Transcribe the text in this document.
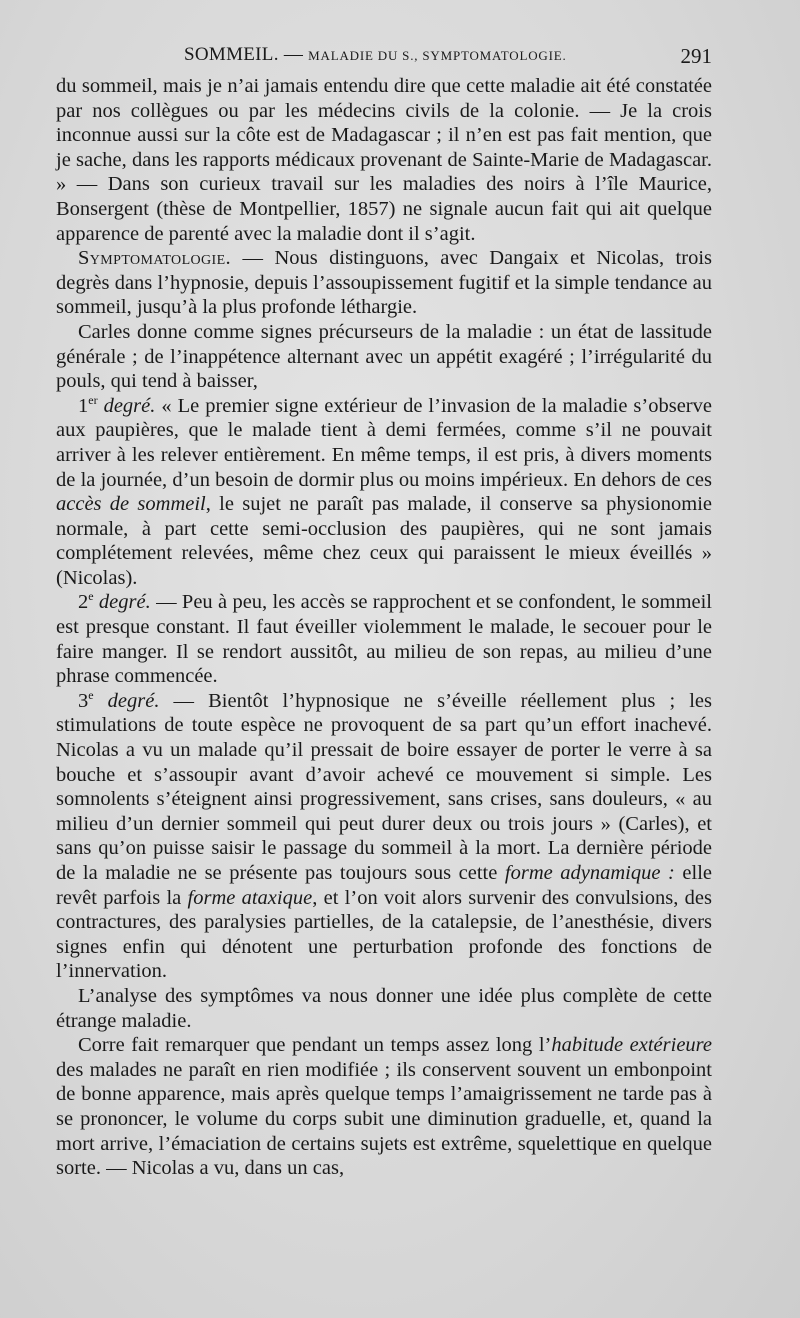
SOMMEIL. — MALADIE DU S., SYMPTOMATOLOGIE.	291

du sommeil, mais je n’ai jamais entendu dire que cette maladie ait été constatée par nos collègues ou par les médecins civils de la colonie. — Je la crois inconnue aussi sur la côte est de Madagascar ; il n’en est pas fait mention, que je sache, dans les rapports médicaux provenant de Sainte-Marie de Madagascar. » — Dans son curieux travail sur les maladies des noirs à l’île Maurice, Bonsergent (thèse de Montpellier, 1857) ne signale aucun fait qui ait quelque apparence de parenté avec la maladie dont il s’agit.

Symptomatologie. — Nous distinguons, avec Dangaix et Nicolas, trois degrès dans l’hypnosie, depuis l’assoupissement fugitif et la simple tendance au sommeil, jusqu’à la plus profonde léthargie.

Carles donne comme signes précurseurs de la maladie : un état de lassitude générale ; de l’inappétence alternant avec un appétit exagéré ; l’irrégularité du pouls, qui tend à baisser,

1er degré. « Le premier signe extérieur de l’invasion de la maladie s’observe aux paupières, que le malade tient à demi fermées, comme s’il ne pouvait arriver à les relever entièrement. En même temps, il est pris, à divers moments de la journée, d’un besoin de dormir plus ou moins impérieux. En dehors de ces accès de sommeil, le sujet ne paraît pas malade, il conserve sa physionomie normale, à part cette semi-occlusion des paupières, qui ne sont jamais complétement relevées, même chez ceux qui paraissent le mieux éveillés » (Nicolas).

2e degré. — Peu à peu, les accès se rapprochent et se confondent, le sommeil est presque constant. Il faut éveiller violemment le malade, le secouer pour le faire manger. Il se rendort aussitôt, au milieu de son repas, au milieu d’une phrase commencée.

3e degré. — Bientôt l’hypnosique ne s’éveille réellement plus ; les stimulations de toute espèce ne provoquent de sa part qu’un effort inachevé. Nicolas a vu un malade qu’il pressait de boire essayer de porter le verre à sa bouche et s’assoupir avant d’avoir achevé ce mouvement si simple. Les somnolents s’éteignent ainsi progressivement, sans crises, sans douleurs, « au milieu d’un dernier sommeil qui peut durer deux ou trois jours » (Carles), et sans qu’on puisse saisir le passage du sommeil à la mort. La dernière période de la maladie ne se présente pas toujours sous cette forme adynamique : elle revêt parfois la forme ataxique, et l’on voit alors survenir des convulsions, des contractures, des paralysies partielles, de la catalepsie, de l’anesthésie, divers signes enfin qui dénotent une perturbation profonde des fonctions de l’innervation.

L’analyse des symptômes va nous donner une idée plus complète de cette étrange maladie.

Corre fait remarquer que pendant un temps assez long l’habitude extérieure des malades ne paraît en rien modifiée ; ils conservent souvent un embonpoint de bonne apparence, mais après quelque temps l’amaigrissement ne tarde pas à se prononcer, le volume du corps subit une diminution graduelle, et, quand la mort arrive, l’émaciation de certains sujets est extrême, squelettique en quelque sorte. — Nicolas a vu, dans un cas,
